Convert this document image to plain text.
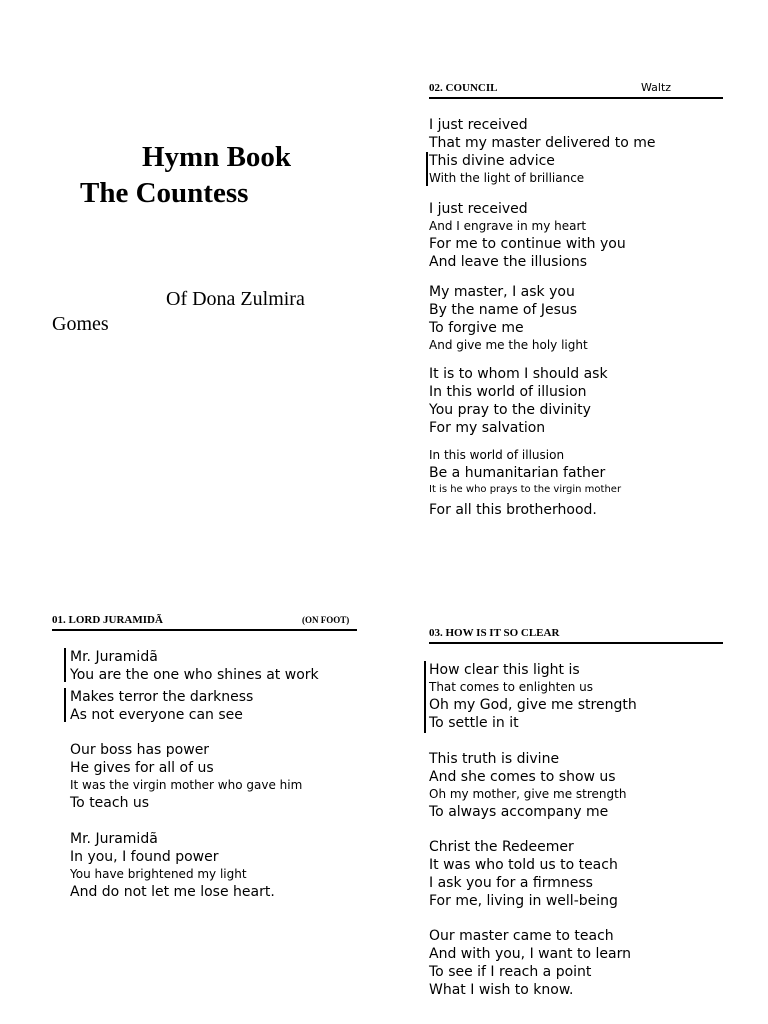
Hymn Book
The Countess
Of Dona Zulmira
Gomes
02. COUNCIL	Waltz
I just received
That my master delivered to me
This divine advice
With the light of brilliance
I just received
And I engrave in my heart
For me to continue with you
And leave the illusions
My master, I ask you
By the name of Jesus
To forgive me
And give me the holy light
It is to whom I should ask
In this world of illusion
You pray to the divinity
For my salvation
In this world of illusion
Be a humanitarian father
It is he who prays to the virgin mother
For all this brotherhood.
01. LORD JURAMIDÃ	(ON FOOT)
Mr. Juramidã
You are the one who shines at work
Makes terror the darkness
As not everyone can see
Our boss has power
He gives for all of us
It was the virgin mother who gave him
To teach us
Mr. Juramidã
In you, I found power
You have brightened my light
And do not let me lose heart.
03. HOW IS IT SO CLEAR
How clear this light is
That comes to enlighten us
Oh my God, give me strength
To settle in it
This truth is divine
And she comes to show us
Oh my mother, give me strength
To always accompany me
Christ the Redeemer
It was who told us to teach
I ask you for a firmness
For me, living in well-being
Our master came to teach
And with you, I want to learn
To see if I reach a point
What I wish to know.
